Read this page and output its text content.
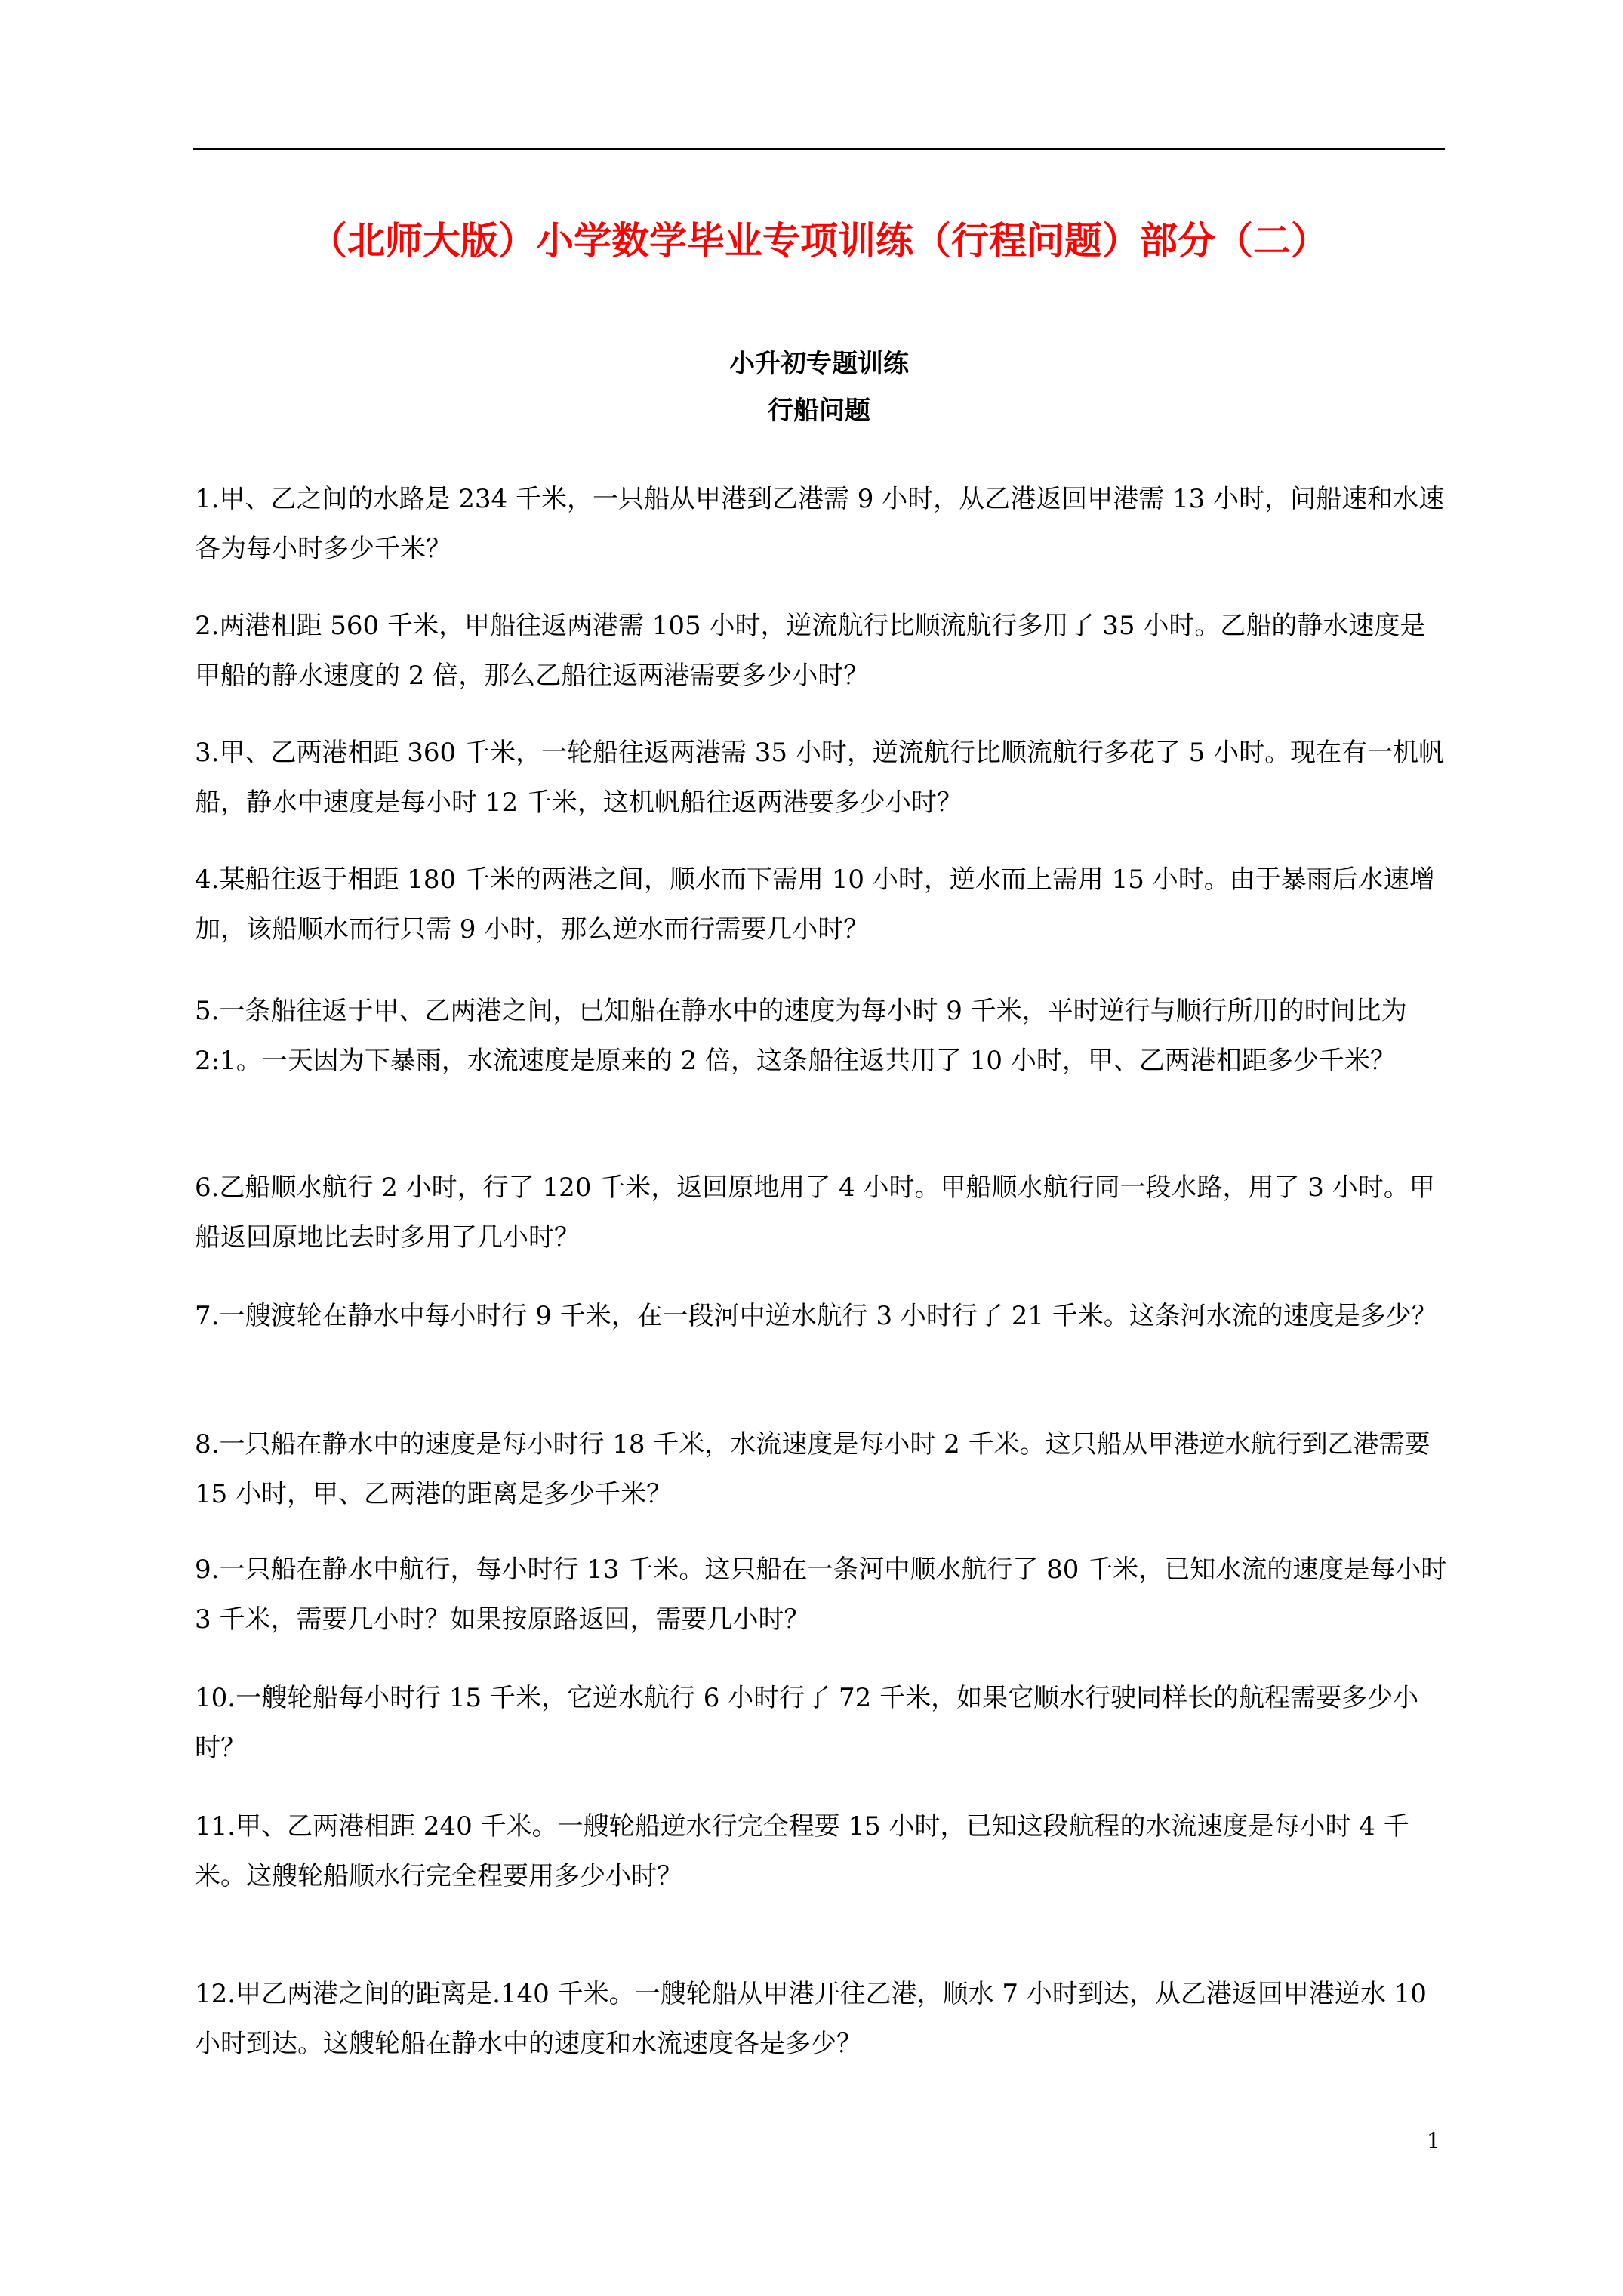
（北师大版）小学数学毕业专项训练（行程问题）部分（二）
小升初专题训练
行船问题
1.甲、乙之间的水路是 234 千米，一只船从甲港到乙港需 9 小时，从乙港返回甲港需 13 小时，问船速和水速各为每小时多少千米？
2.两港相距 560 千米，甲船往返两港需 105 小时，逆流航行比顺流航行多用了 35 小时。乙船的静水速度是甲船的静水速度的 2 倍，那么乙船往返两港需要多少小时？
3.甲、乙两港相距 360 千米，一轮船往返两港需 35 小时，逆流航行比顺流航行多花了 5 小时。现在有一机帆船，静水中速度是每小时 12 千米，这机帆船往返两港要多少小时？
4.某船往返于相距 180 千米的两港之间，顺水而下需用 10 小时，逆水而上需用 15 小时。由于暴雨后水速增加，该船顺水而行只需 9 小时，那么逆水而行需要几小时？
5.一条船往返于甲、乙两港之间，已知船在静水中的速度为每小时 9 千米，平时逆行与顺行所用的时间比为 2:1。一天因为下暴雨，水流速度是原来的 2 倍，这条船往返共用了 10 小时，甲、乙两港相距多少千米？
6.乙船顺水航行 2 小时，行了 120 千米，返回原地用了 4 小时。甲船顺水航行同一段水路，用了 3 小时。甲船返回原地比去时多用了几小时？
7.一艘渡轮在静水中每小时行 9 千米，在一段河中逆水航行 3 小时行了 21 千米。这条河水流的速度是多少？
8.一只船在静水中的速度是每小时行 18 千米，水流速度是每小时 2 千米。这只船从甲港逆水航行到乙港需要 15 小时，甲、乙两港的距离是多少千米？
9.一只船在静水中航行，每小时行 13 千米。这只船在一条河中顺水航行了 80 千米，已知水流的速度是每小时 3 千米，需要几小时？如果按原路返回，需要几小时？
10.一艘轮船每小时行 15 千米，它逆水航行 6 小时行了 72 千米，如果它顺水行驶同样长的航程需要多少小时？
11.甲、乙两港相距 240 千米。一艘轮船逆水行完全程要 15 小时，已知这段航程的水流速度是每小时 4 千米。这艘轮船顺水行完全程要用多少小时？
12.甲乙两港之间的距离是.140 千米。一艘轮船从甲港开往乙港，顺水 7 小时到达，从乙港返回甲港逆水 10 小时到达。这艘轮船在静水中的速度和水流速度各是多少？
1
